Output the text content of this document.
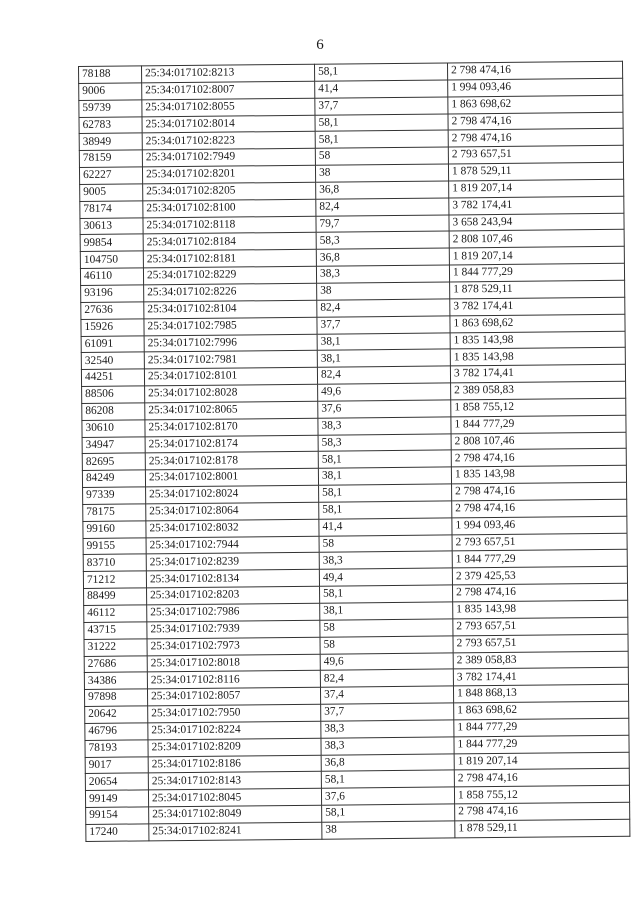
6
78188	25:34:017102:8213	58,1	2 798 474,16
9006	25:34:017102:8007	41,4	1 994 093,46
59739	25:34:017102:8055	37,7	1 863 698,62
62783	25:34:017102:8014	58,1	2 798 474,16
38949	25:34:017102:8223	58,1	2 798 474,16
78159	25:34:017102:7949	58	2 793 657,51
62227	25:34:017102:8201	38	1 878 529,11
9005	25:34:017102:8205	36,8	1 819 207,14
78174	25:34:017102:8100	82,4	3 782 174,41
30613	25:34:017102:8118	79,7	3 658 243,94
99854	25:34:017102:8184	58,3	2 808 107,46
104750	25:34:017102:8181	36,8	1 819 207,14
46110	25:34:017102:8229	38,3	1 844 777,29
93196	25:34:017102:8226	38	1 878 529,11
27636	25:34:017102:8104	82,4	3 782 174,41
15926	25:34:017102:7985	37,7	1 863 698,62
61091	25:34:017102:7996	38,1	1 835 143,98
32540	25:34:017102:7981	38,1	1 835 143,98
44251	25:34:017102:8101	82,4	3 782 174,41
88506	25:34:017102:8028	49,6	2 389 058,83
86208	25:34:017102:8065	37,6	1 858 755,12
30610	25:34:017102:8170	38,3	1 844 777,29
34947	25:34:017102:8174	58,3	2 808 107,46
82695	25:34:017102:8178	58,1	2 798 474,16
84249	25:34:017102:8001	38,1	1 835 143,98
97339	25:34:017102:8024	58,1	2 798 474,16
78175	25:34:017102:8064	58,1	2 798 474,16
99160	25:34:017102:8032	41,4	1 994 093,46
99155	25:34:017102:7944	58	2 793 657,51
83710	25:34:017102:8239	38,3	1 844 777,29
71212	25:34:017102:8134	49,4	2 379 425,53
88499	25:34:017102:8203	58,1	2 798 474,16
46112	25:34:017102:7986	38,1	1 835 143,98
43715	25:34:017102:7939	58	2 793 657,51
31222	25:34:017102:7973	58	2 793 657,51
27686	25:34:017102:8018	49,6	2 389 058,83
34386	25:34:017102:8116	82,4	3 782 174,41
97898	25:34:017102:8057	37,4	1 848 868,13
20642	25:34:017102:7950	37,7	1 863 698,62
46796	25:34:017102:8224	38,3	1 844 777,29
78193	25:34:017102:8209	38,3	1 844 777,29
9017	25:34:017102:8186	36,8	1 819 207,14
20654	25:34:017102:8143	58,1	2 798 474,16
99149	25:34:017102:8045	37,6	1 858 755,12
99154	25:34:017102:8049	58,1	2 798 474,16
17240	25:34:017102:8241	38	1 878 529,11
